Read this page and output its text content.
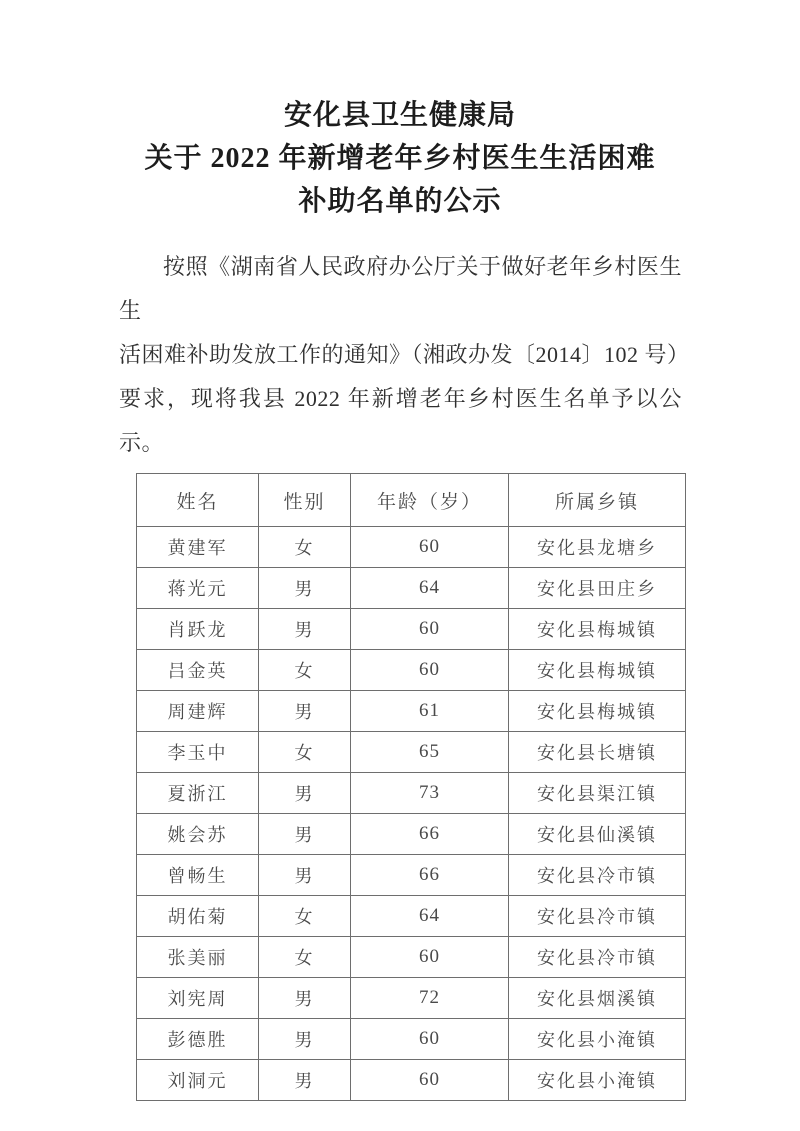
安化县卫生健康局
关于 2022 年新增老年乡村医生生活困难
补助名单的公示
按照《湖南省人民政府办公厅关于做好老年乡村医生生
活困难补助发放工作的通知》（湘政办发〔2014〕102 号）
要求，现将我县 2022 年新增老年乡村医生名单予以公示。
姓名	性别	年龄（岁）	所属乡镇
黄建军	女	60	安化县龙塘乡
蒋光元	男	64	安化县田庄乡
肖跃龙	男	60	安化县梅城镇
吕金英	女	60	安化县梅城镇
周建辉	男	61	安化县梅城镇
李玉中	女	65	安化县长塘镇
夏浙江	男	73	安化县渠江镇
姚会苏	男	66	安化县仙溪镇
曾畅生	男	66	安化县冷市镇
胡佑菊	女	64	安化县冷市镇
张美丽	女	60	安化县冷市镇
刘宪周	男	72	安化县烟溪镇
彭德胜	男	60	安化县小淹镇
刘洞元	男	60	安化县小淹镇
